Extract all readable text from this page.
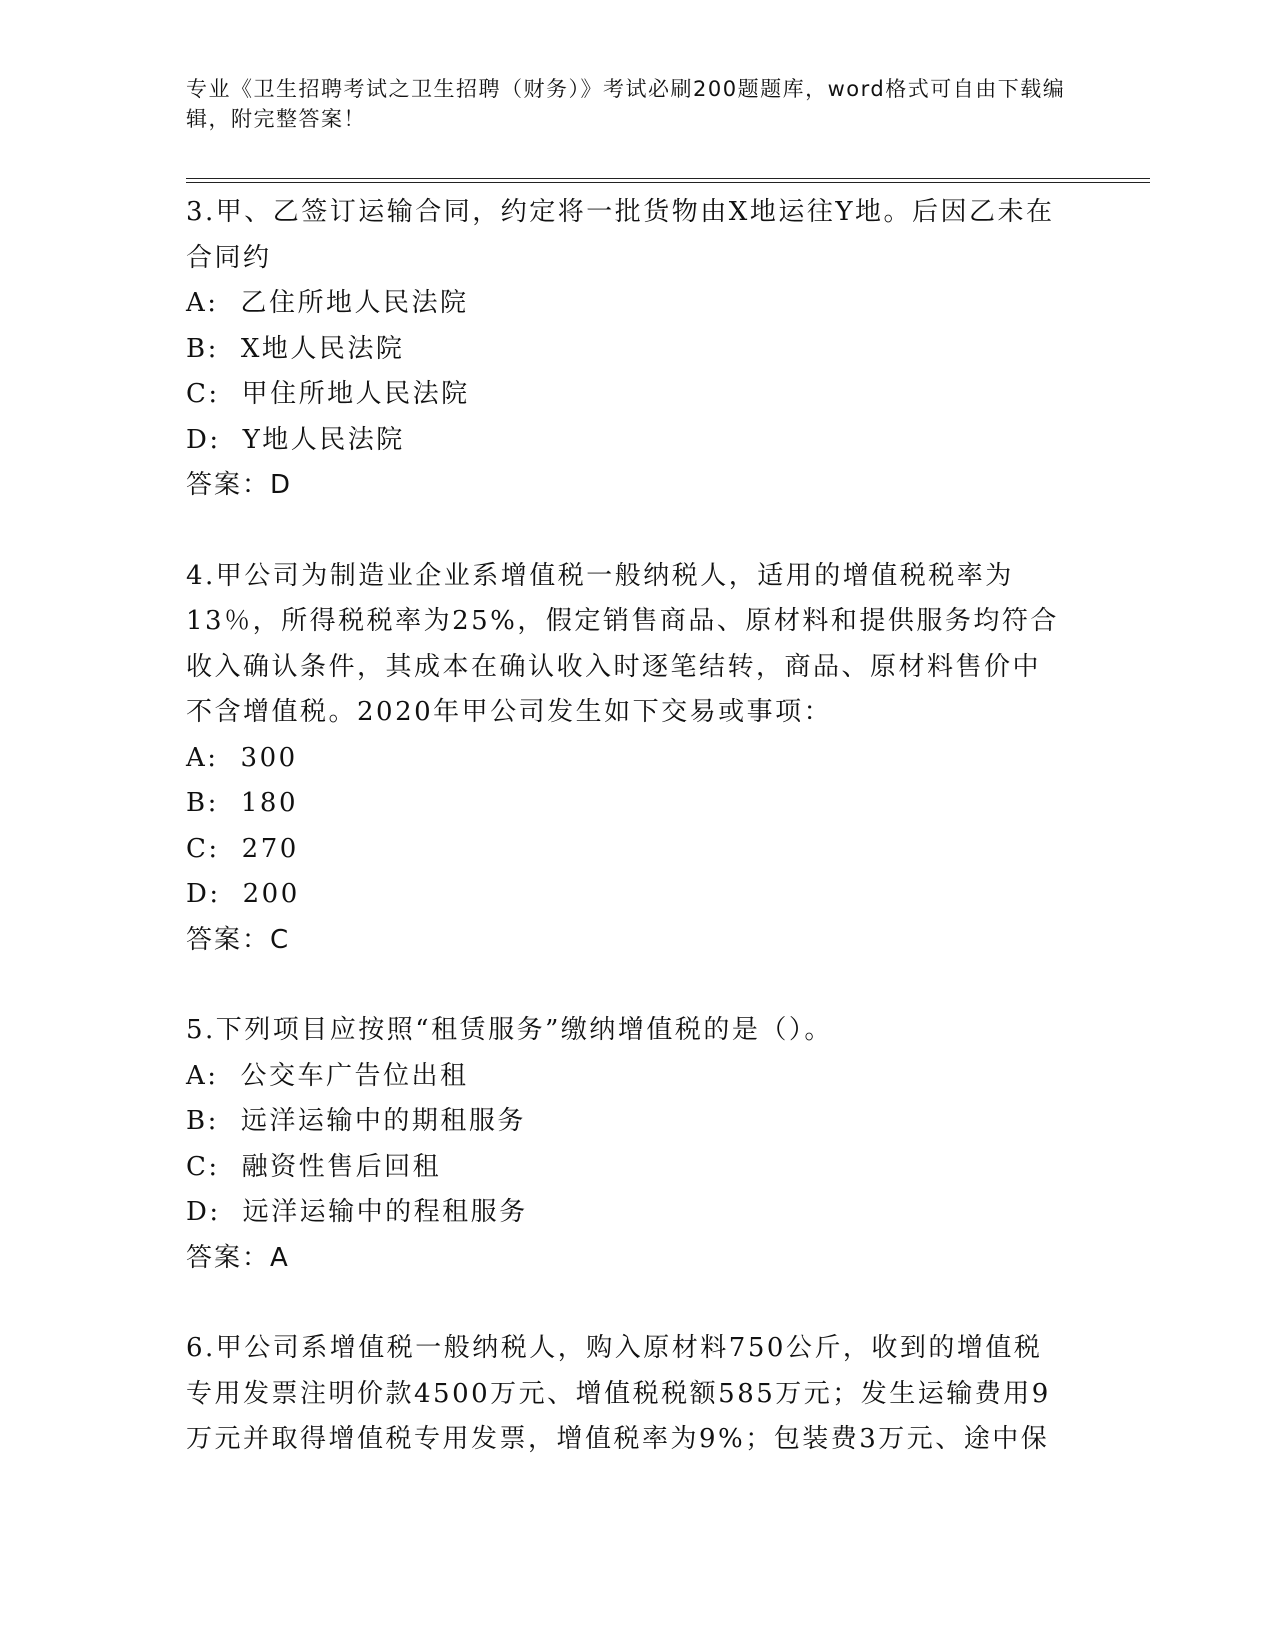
专业《卫生招聘考试之卫生招聘（财务）》考试必刷200题题库，word格式可自由下载编辑，附完整答案！

3.甲、乙签订运输合同，约定将一批货物由X地运往Y地。后因乙未在合同约

A: 乙住所地人民法院

B: X地人民法院

C: 甲住所地人民法院

D: Y地人民法院

答案：D

4.甲公司为制造业企业系增值税一般纳税人，适用的增值税税率为13％，所得税税率为25%，假定销售商品、原材料和提供服务均符合收入确认条件，其成本在确认收入时逐笔结转，商品、原材料售价中不含增值税。2020年甲公司发生如下交易或事项：

A: 300

B: 180

C: 270

D: 200

答案：C

5.下列项目应按照“租赁服务”缴纳增值税的是（）。

A: 公交车广告位出租

B: 远洋运输中的期租服务

C: 融资性售后回租

D: 远洋运输中的程租服务

答案：A

6.甲公司系增值税一般纳税人，购入原材料750公斤，收到的增值税专用发票注明价款4500万元、增值税税额585万元；发生运输费用9万元并取得增值税专用发票，增值税率为9%；包装费3万元、途中保
